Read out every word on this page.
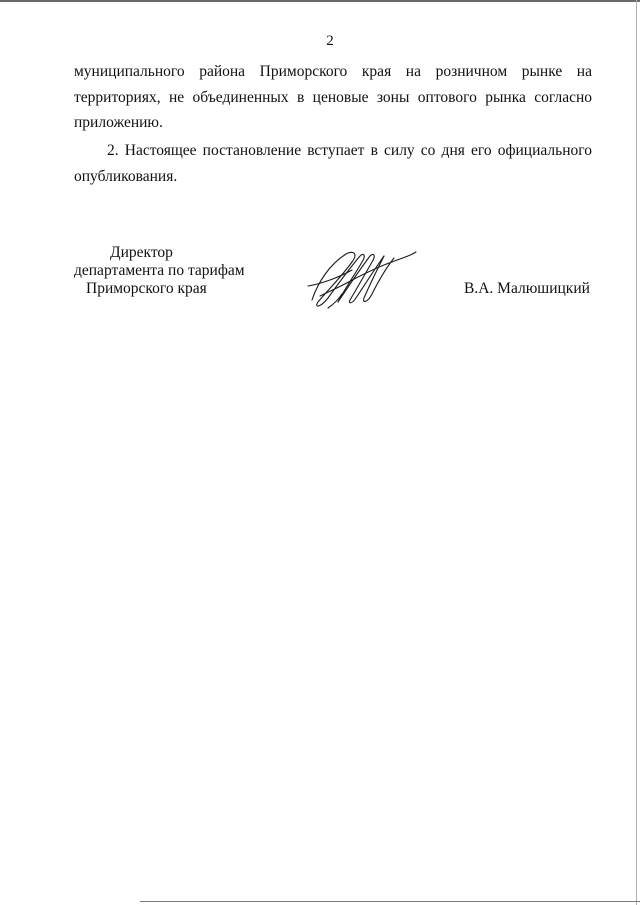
2
муниципального района Приморского края на розничном рынке на
территориях, не объединенных в ценовые зоны оптового рынка согласно
приложению.
2. Настоящее постановление вступает в силу со дня его официального
опубликования.
Директор
департамента по тарифам
Приморского края	В.А. Малюшицкий
